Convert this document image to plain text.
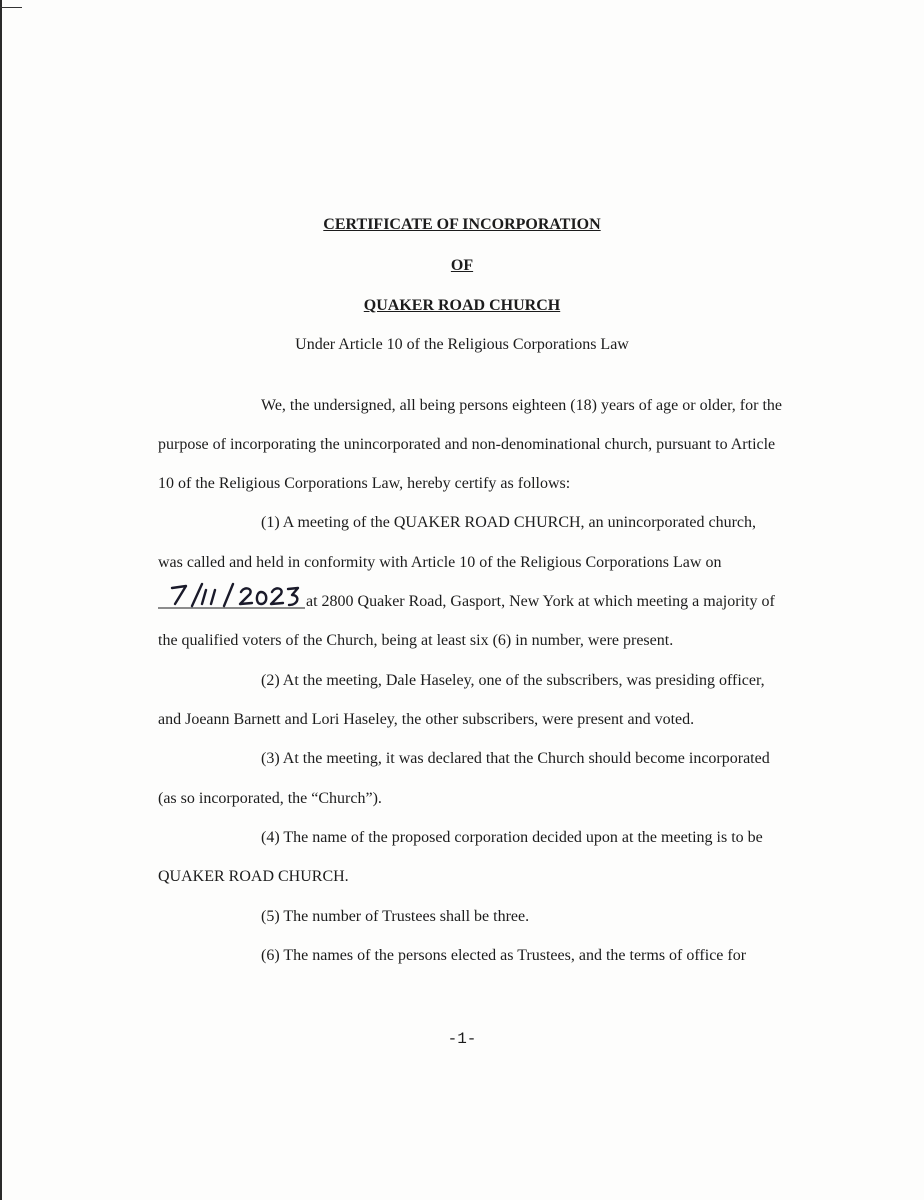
CERTIFICATE OF INCORPORATION
OF
QUAKER ROAD CHURCH
Under Article 10 of the Religious Corporations Law
We, the undersigned, all being persons eighteen (18) years of age or older, for the
purpose of incorporating the unincorporated and non-denominational church, pursuant to Article
10 of the Religious Corporations Law, hereby certify as follows:
(1) A meeting of the QUAKER ROAD CHURCH, an unincorporated church,
was called and held in conformity with Article 10 of the Religious Corporations Law on
at 2800 Quaker Road, Gasport, New York at which meeting a majority of
the qualified voters of the Church, being at least six (6) in number, were present.
(2) At the meeting, Dale Haseley, one of the subscribers, was presiding officer,
and Joeann Barnett and Lori Haseley, the other subscribers, were present and voted.
(3) At the meeting, it was declared that the Church should become incorporated
(as so incorporated, the “Church”).
(4) The name of the proposed corporation decided upon at the meeting is to be
QUAKER ROAD CHURCH.
(5) The number of Trustees shall be three.
(6) The names of the persons elected as Trustees, and the terms of office for
-1-
